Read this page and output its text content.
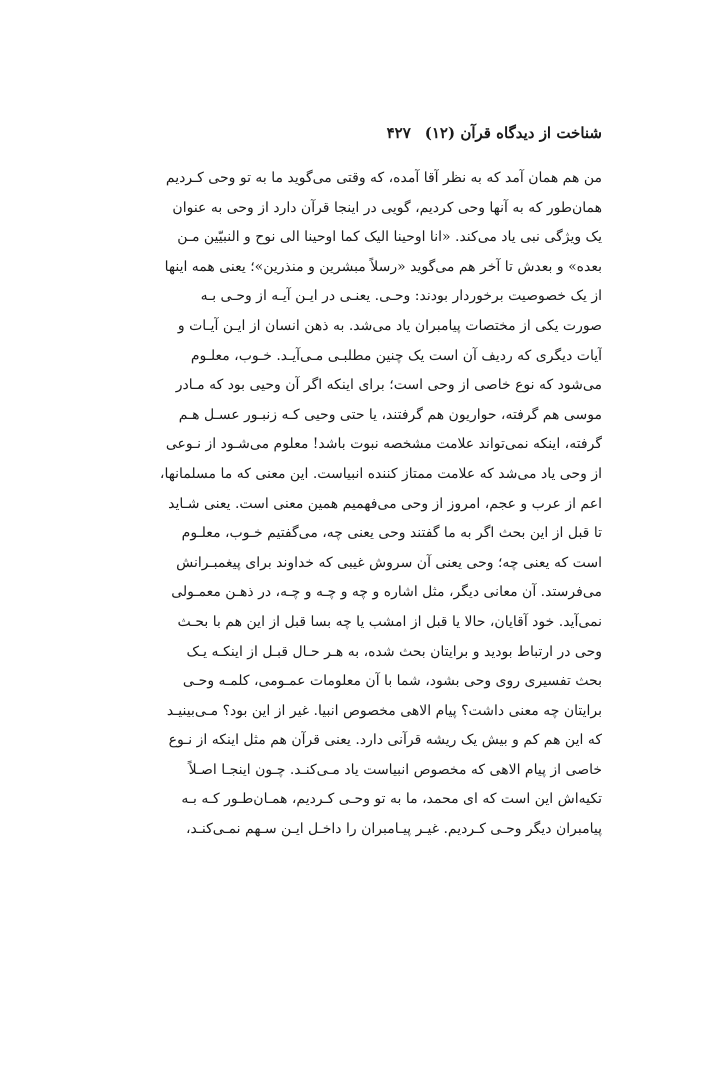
شناخت از دیدگاه قرآن (۱۲)
۴۲۷
من هم همان آمد که به نظر آقا آمده، که وقتی می‌گوید ما به تو وحی کـردیم
همان‌طور که به آنها وحی کردیم، گویی در اینجا قرآن دارد از وحی به عنوان
یک ویژگی نبی یاد می‌کند. «انا اوحینا الیک کما اوحینا الی نوح و النبیّین مـن
بعده» و بعدش تا آخر هم می‌گوید «رسلاً مبشرین و منذرین»؛ یعنی همه اینها
از یک خصوصیت برخوردار بودند: وحـی. یعنـی در ایـن آیـه از وحـی بـه
صورت یکی از مختصات پیامبران یاد می‌شد. به ذهن انسان از ایـن آیـات و
آیات دیگری که ردیف آن است یک چنین مطلبـی مـی‌آیـد. خـوب، معلـوم
می‌شود که نوع خاصی از وحی است؛ برای اینکه اگر آن وحیی بود که مـادر
موسی هم گرفته، حواریون هم گرفتند، یا حتی وحیی کـه زنبـور عسـل هـم
گرفته، اینکه نمی‌تواند علامت مشخصه نبوت باشد! معلوم می‌شـود از نـوعی
از وحی یاد می‌شد که علامت ممتاز کننده انبیاست. این معنی که ما مسلمانها،
اعم از عرب و عجم، امروز از وحی می‌فهمیم همین معنی است. یعنی شـاید
تا قبل از این بحث اگر به ما گفتند وحی یعنی چه، می‌گفتیم خـوب، معلـوم
است که یعنی چه؛ وحی یعنی آن سروش غیبی که خداوند برای پیغمبـرانش
می‌فرستد. آن معانی دیگر، مثل اشاره و چه و چـه و چـه، در ذهـن معمـولی
نمی‌آید. خود آقایان، حالا یا قبل از امشب یا چه بسا قبل از این هم با بحـث
وحی در ارتباط بودید و برایتان بحث شده، به هـر حـال قبـل از اینکـه یـک
بحث تفسیری روی وحی بشود، شما با آن معلومات عمـومی، کلمـه وحـی
برایتان چه معنی داشت؟ پیام الاهی مخصوص انبیا. غیر از این بود؟ مـی‌بینیـد
که این هم کم و بیش یک ریشه قرآنی دارد. یعنی قرآن هم مثل اینکه از نـوع
خاصی از پیام الاهی که مخصوص انبیاست یاد مـی‌کنـد. چـون اینجـا اصـلاً
تکیه‌اش این است که ای محمد، ما به تو وحـی کـردیم، همـان‌طـور کـه بـه
پیامبران دیگر وحـی کـردیم. غیـر پیـامبران را داخـل ایـن سـهم نمـی‌کنـد،
